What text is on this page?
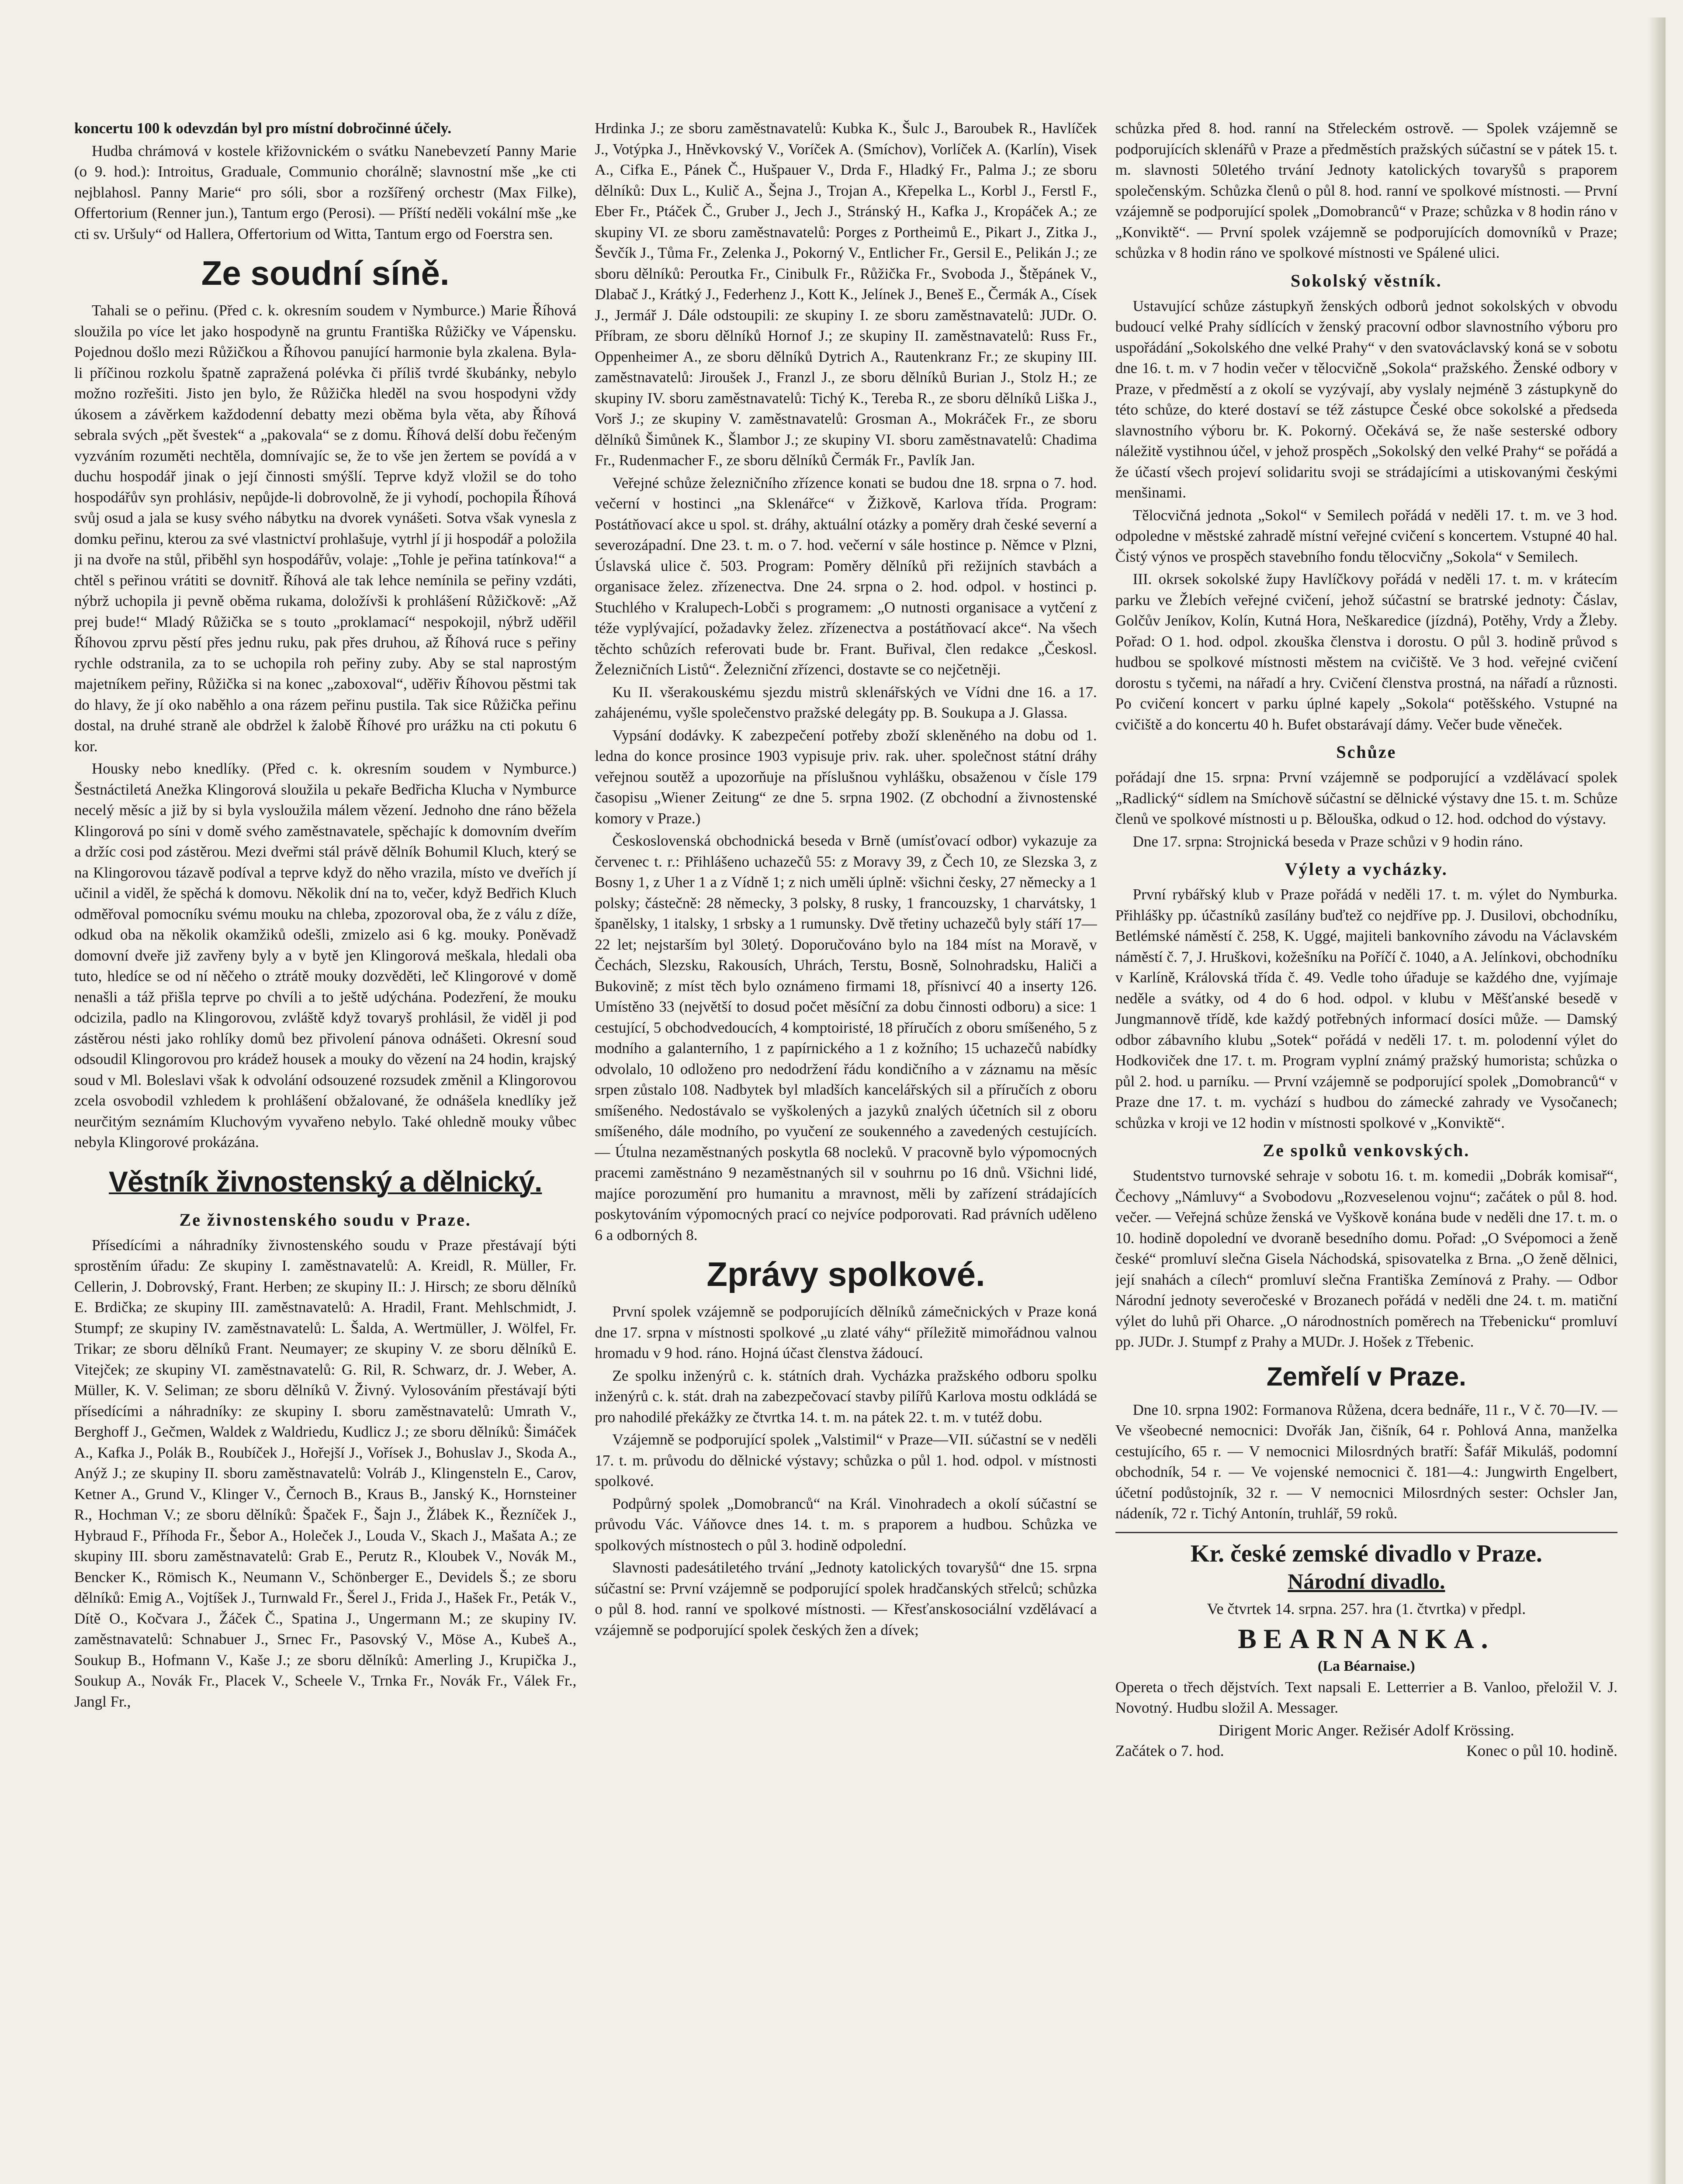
koncertu 100 k odevzdán byl pro místní dobročinné účely.

Hudba chrámová v kostele křižovnickém o svátku Nanebevzetí Panny Marie (o 9. hod.): Introitus, Graduale, Communio chorálně; slavnostní mše „ke cti nejblahosl. Panny Marie“ pro sóli, sbor a rozšířený orchestr (Max Filke), Offertorium (Renner jun.), Tantum ergo (Perosi). — Příští neděli vokální mše „ke cti sv. Uršuly“ od Hallera, Offertorium od Witta, Tantum ergo od Foerstra sen.

Ze soudní síně.

Tahali se o peřinu. (Před c. k. okresním soudem v Nymburce.) Marie Říhová sloužila po více let jako hospodyně na gruntu Františka Růžičky ve Vápensku. Pojednou došlo mezi Růžičkou a Říhovou panující harmonie byla zkalena. Byla-li příčinou rozkolu špatně zapražená polévka či příliš tvrdé škubánky, nebylo možno rozřešiti. Jisto jen bylo, že Růžička hleděl na svou hospodyni vždy úkosem a závěrkem každodenní debatty mezi oběma byla věta, aby Říhová sebrala svých „pět švestek“ a „pakovala“ se z domu. Říhová delší dobu řečeným vyzváním rozuměti nechtěla, domnívajíc se, že to vše jen žertem se povídá a v duchu hospodář jinak o její činnosti smýšlí. Teprve když vložil se do toho hospodářův syn prohlásiv, nepůjde-li dobrovolně, že ji vyhodí, pochopila Říhová svůj osud a jala se kusy svého nábytku na dvorek vynášeti. Sotva však vynesla z domku peřinu, kterou za své vlastnictví prohlašuje, vytrhl jí ji hospodář a položila ji na dvoře na stůl, přiběhl syn hospodářův, volaje: „Tohle je peřina tatínkova!“ a chtěl s peřinou vrátiti se dovnitř. Říhová ale tak lehce nemínila se peřiny vzdáti, nýbrž uchopila ji pevně oběma rukama, doložívši k prohlášení Růžičkově: „Až prej bude!“ Mladý Růžička se s touto „proklamací“ nespokojil, nýbrž uděřil Říhovou zprvu pěstí přes jednu ruku, pak přes druhou, až Říhová ruce s peřiny rychle odstranila, za to se uchopila roh peřiny zuby. Aby se stal naprostým majetníkem peřiny, Růžička si na konec „zaboxoval“, uděřiv Říhovou pěstmi tak do hlavy, že jí oko naběhlo a ona rázem peřinu pustila. Tak sice Růžička peřinu dostal, na druhé straně ale obdržel k žalobě Říhové pro urážku na cti pokutu 6 kor.

Housky nebo knedlíky. (Před c. k. okresním soudem v Nymburce.) Šestnáctiletá Anežka Klingorová sloužila u pekaře Bedřicha Klucha v Nymburce necelý měsíc a již by si byla vysloužila málem vězení. Jednoho dne ráno běžela Klingorová po síni v domě svého zaměstnavatele, spěchajíc k domovním dveřím a držíc cosi pod zástěrou. Mezi dveřmi stál právě dělník Bohumil Kluch, který se na Klingorovou tázavě podíval a teprve když do něho vrazila, místo ve dveřích jí učinil a viděl, že spěchá k domovu. Několik dní na to, večer, když Bedřich Kluch odměřoval pomocníku svému mouku na chleba, zpozoroval oba, že z válu z díže, odkud oba na několik okamžiků odešli, zmizelo asi 6 kg. mouky. Poněvadž domovní dveře již zavřeny byly a v bytě jen Klingorová meškala, hledali oba tuto, hledíce se od ní něčeho o ztrátě mouky dozvěděti, leč Klingorové v domě nenašli a táž přišla teprve po chvíli a to ještě udýchána. Podezření, že mouku odcizila, padlo na Klingorovou, zvláště když tovaryš prohlásil, že viděl ji pod zástěrou nésti jako rohlíky domů bez přivolení pánova odnášeti. Okresní soud odsoudil Klingorovou pro krádež housek a mouky do vězení na 24 hodin, krajský soud v Ml. Boleslavi však k odvolání odsouzené rozsudek změnil a Klingorovou zcela osvobodil vzhledem k prohlášení obžalované, že odnášela knedlíky jež neurčitým seznámím Kluchovým vyvařeno nebylo. Také ohledně mouky vůbec nebyla Klingorové prokázána.

Věstník živnostenský a dělnický.
Ze živnostenského soudu v Praze.

Přísedícími a náhradníky živnostenského soudu v Praze přestávají býti sprostěním úřadu: Ze skupiny I. zaměstnavatelů: A. Kreidl, R. Müller, Fr. Cellerin, J. Dobrovský, Frant. Herben; ze skupiny II.: J. Hirsch; ze sboru dělníků E. Brdička; ze skupiny III. zaměstnavatelů: A. Hradil, Frant. Mehlschmidt, J. Stumpf; ze skupiny IV. zaměstnavatelů: L. Šalda, A. Wertmüller, J. Wölfel, Fr. Trikar; ze sboru dělníků Frant. Neumayer; ze skupiny V. ze sboru dělníků E. Vitejček; ze skupiny VI. zaměstnavatelů: G. Ril, R. Schwarz, dr. J. Weber, A. Müller, K. V. Seliman; ze sboru dělníků V. Živný. Vylosováním přestávají býti přísedícími a náhradníky: ze skupiny I. sboru zaměstnavatelů: Umrath V., Berghoff J., Gečmen, Waldek z Waldriedu, Kudlicz J.; ze sboru dělníků: Šimáček A., Kafka J., Polák B., Roubíček J., Hořejší J., Vořísek J., Bohuslav J., Skoda A., Anýž J.; ze skupiny II. sboru zaměstnavatelů: Volráb J., Klingensteln E., Carov, Ketner A., Grund V., Klinger V., Černoch B., Kraus B., Janský K., Hornsteiner R., Hochman V.; ze sboru dělníků: Špaček F., Šajn J., Žlábek K., Řezníček J., Hybraud F., Příhoda Fr., Šebor A., Holeček J., Louda V., Skach J., Mašata A.; ze skupiny III. sboru zaměstnavatelů: Grab E., Perutz R., Kloubek V., Novák M., Bencker K., Römisch K., Neumann V., Schönberger E., Devidels Š.; ze sboru dělníků: Emig A., Vojtíšek J., Turnwald Fr., Šerel J., Frida J., Hašek Fr., Peták V., Dítě O., Kočvara J., Žáček Č., Spatina J., Ungermann M.; ze skupiny IV. zaměstnavatelů: Schnabuer J., Srnec Fr., Pasovský V., Möse A., Kubeš A., Soukup B., Hofmann V., Kaše J.; ze sboru dělníků: Amerling J., Krupička J., Soukup A., Novák Fr., Placek V., Scheele V., Trnka Fr., Novák Fr., Válek Fr., Jangl Fr.,

Hrdinka J.; ze sboru zaměstnavatelů: Kubka K., Šulc J., Baroubek R., Havlíček J., Votýpka J., Hněvkovský V., Voríček A. (Smíchov), Vorlíček A. (Karlín), Visek A., Cifka E., Pánek Č., Hušpauer V., Drda F., Hladký Fr., Palma J.; ze sboru dělníků: Dux L., Kulič A., Šejna J., Trojan A., Křepelka L., Korbl J., Ferstl F., Eber Fr., Ptáček Č., Gruber J., Jech J., Stránský H., Kafka J., Kropáček A.; ze skupiny VI. ze sboru zaměstnavatelů: Porges z Portheimů E., Pikart J., Zitka J., Ševčík J., Tůma Fr., Zelenka J., Pokorný V., Entlicher Fr., Gersil E., Pelikán J.; ze sboru dělníků: Peroutka Fr., Cinibulk Fr., Růžička Fr., Svoboda J., Štěpánek V., Dlabač J., Krátký J., Federhenz J., Kott K., Jelínek J., Beneš E., Čermák A., Císek J., Jermář J. Dále odstoupili: ze skupiny I. ze sboru zaměstnavatelů: JUDr. O. Příbram, ze sboru dělníků Hornof J.; ze skupiny II. zaměstnavatelů: Russ Fr., Oppenheimer A., ze sboru dělníků Dytrich A., Rautenkranz Fr.; ze skupiny III. zaměstnavatelů: Jiroušek J., Franzl J., ze sboru dělníků Burian J., Stolz H.; ze skupiny IV. sboru zaměstnavatelů: Tichý K., Tereba R., ze sboru dělníků Liška J., Vorš J.; ze skupiny V. zaměstnavatelů: Grosman A., Mokráček Fr., ze sboru dělníků Šimůnek K., Šlambor J.; ze skupiny VI. sboru zaměstnavatelů: Chadima Fr., Rudenmacher F., ze sboru dělníků Čermák Fr., Pavlík Jan.

Veřejné schůze železničního zřízence konati se budou dne 18. srpna o 7. hod. večerní v hostinci „na Sklenářce“ v Žižkově, Karlova třída. Program: Postátňovací akce u spol. st. dráhy, aktuální otázky a poměry drah české severní a severozápadní. Dne 23. t. m. o 7. hod. večerní v sále hostince p. Němce v Plzni, Úslavská ulice č. 503. Program: Poměry dělníků při režijních stavbách a organisace želez. zřízenectva. Dne 24. srpna o 2. hod. odpol. v hostinci p. Stuchlého v Kralupech-Lobči s programem: „O nutnosti organisace a vytčení z téže vyplývající, požadavky želez. zřízenectva a postátňovací akce“. Na všech těchto schůzích referovati bude br. Frant. Buřival, člen redakce „Českosl. Železničních Listů“. Železniční zřízenci, dostavte se co nejčetněji.

Ku II. všerakouskému sjezdu mistrů sklenářských ve Vídni dne 16. a 17. zahájenému, vyšle společenstvo pražské delegáty pp. B. Soukupa a J. Glassa.

Vypsání dodávky. K zabezpečení potřeby zboží skleněného na dobu od 1. ledna do konce prosince 1903 vypisuje priv. rak. uher. společnost státní dráhy veřejnou soutěž a upozorňuje na příslušnou vyhlášku, obsaženou v čísle 179 časopisu „Wiener Zeitung“ ze dne 5. srpna 1902. (Z obchodní a živnostenské komory v Praze.)

Československá obchodnická beseda v Brně (umísťovací odbor) vykazuje za červenec t. r.: Přihlášeno uchazečů 55: z Moravy 39, z Čech 10, ze Slezska 3, z Bosny 1, z Uher 1 a z Vídně 1; z nich uměli úplně: všichni česky, 27 německy a 1 polsky; částečně: 28 německy, 3 polsky, 8 rusky, 1 francouzsky, 1 charvátsky, 1 španělsky, 1 italsky, 1 srbsky a 1 rumunsky. Dvě třetiny uchazečů byly stáří 17—22 let; nejstarším byl 30letý. Doporučováno bylo na 184 míst na Moravě, v Čechách, Slezsku, Rakousích, Uhrách, Terstu, Bosně, Solnohradsku, Haliči a Bukovině; z míst těch bylo oznámeno firmami 18, přísnivcí 40 a inserty 126. Umístěno 33 (největší to dosud počet měsíční za dobu činnosti odboru) a sice: 1 cestující, 5 obchodvedoucích, 4 komptoiristé, 18 příručích z oboru smíšeného, 5 z modního a galanterního, 1 z papírnického a 1 z kožního; 15 uchazečů nabídky odvolalo, 10 odloženo pro nedodržení řádu kondičního a v záznamu na měsíc srpen zůstalo 108. Nadbytek byl mladších kancelářských sil a příručích z oboru smíšeného. Nedostávalo se vyškolených a jazyků znalých účetních sil z oboru smíšeného, dále modního, po vyučení ze soukenného a zavedených cestujících. — Útulna nezaměstnaných poskytla 68 nocleků. V pracovně bylo výpomocných pracemi zaměstnáno 9 nezaměstnaných sil v souhrnu po 16 dnů. Všichni lidé, majíce porozumění pro humanitu a mravnost, měli by zařízení strádajících poskytováním výpomocných prací co nejvíce podporovati. Rad právních uděleno 6 a odborných 8.

Zprávy spolkové.

První spolek vzájemně se podporujících dělníků zámečnických v Praze koná dne 17. srpna v místnosti spolkové „u zlaté váhy“ příležitě mimořádnou valnou hromadu v 9 hod. ráno. Hojná účast členstva žádoucí.

Ze spolku inženýrů c. k. státních drah. Vycházka pražského odboru spolku inženýrů c. k. stát. drah na zabezpečovací stavby pilířů Karlova mostu odkládá se pro nahodilé překážky ze čtvrtka 14. t. m. na pátek 22. t. m. v tutéž dobu.

Vzájemně se podporující spolek „Valstimil“ v Praze—VII. súčastní se v neděli 17. t. m. průvodu do dělnické výstavy; schůzka o půl 1. hod. odpol. v místnosti spolkové.

Podpůrný spolek „Domobranců“ na Král. Vinohradech a okolí súčastní se průvodu Vác. Váňovce dnes 14. t. m. s praporem a hudbou. Schůzka ve spolkových místnostech o půl 3. hodině odpolední.

Slavnosti padesátiletého trvání „Jednoty katolických tovaryšů“ dne 15. srpna súčastní se: První vzájemně se podporující spolek hradčanských střelců; schůzka o půl 8. hod. ranní ve spolkové místnosti. — Křesťanskosociální vzdělávací a vzájemně se podporující spolek českých žen a dívek;

schůzka před 8. hod. ranní na Střeleckém ostrově. — Spolek vzájemně se podporujících sklenářů v Praze a předměstích pražských súčastní se v pátek 15. t. m. slavnosti 50letého trvání Jednoty katolických tovaryšů s praporem společenským. Schůzka členů o půl 8. hod. ranní ve spolkové místnosti. — První vzájemně se podporující spolek „Domobranců“ v Praze; schůzka v 8 hodin ráno v „Konviktě“. — První spolek vzájemně se podporujících domovníků v Praze; schůzka v 8 hodin ráno ve spolkové místnosti ve Spálené ulici.

Sokolský věstník.

Ustavující schůze zástupkyň ženských odborů jednot sokolských v obvodu budoucí velké Prahy sídlících v ženský pracovní odbor slavnostního výboru pro uspořádání „Sokolského dne velké Prahy“ v den svatováclavský koná se v sobotu dne 16. t. m. v 7 hodin večer v tělocvičně „Sokola“ pražského. Ženské odbory v Praze, v předměstí a z okolí se vyzývají, aby vyslaly nejméně 3 zástupkyně do této schůze, do které dostaví se též zástupce České obce sokolské a předseda slavnostního výboru br. K. Pokorný. Očekává se, že naše sesterské odbory náležitě vystihnou účel, v jehož prospěch „Sokolský den velké Prahy“ se pořádá a že účastí všech projeví solidaritu svoji se strádajícími a utiskovanými českými menšinami.

Tělocvičná jednota „Sokol“ v Semilech pořádá v neděli 17. t. m. ve 3 hod. odpoledne v městské zahradě místní veřejné cvičení s koncertem. Vstupné 40 hal. Čistý výnos ve prospěch stavebního fondu tělocvičny „Sokola“ v Semilech.

III. okrsek sokolské župy Havlíčkovy pořádá v neděli 17. t. m. v krátecím parku ve Žlebích veřejné cvičení, jehož súčastní se bratrské jednoty: Čáslav, Golčův Jeníkov, Kolín, Kutná Hora, Neškaredice (jízdná), Potěhy, Vrdy a Žleby. Pořad: O 1. hod. odpol. zkouška členstva i dorostu. O půl 3. hodině průvod s hudbou se spolkové místnosti městem na cvičiště. Ve 3 hod. veřejné cvičení dorostu s tyčemi, na nářadí a hry. Cvičení členstva prostná, na nářadí a různosti. Po cvičení koncert v parku úplné kapely „Sokola“ potěšského. Vstupné na cvičiště a do koncertu 40 h. Bufet obstarávají dámy. Večer bude věneček.

Schůze

pořádají dne 15. srpna: První vzájemně se podporující a vzdělávací spolek „Radlický“ sídlem na Smíchově súčastní se dělnické výstavy dne 15. t. m. Schůze členů ve spolkové místnosti u p. Bělouška, odkud o 12. hod. odchod do výstavy.

Dne 17. srpna: Strojnická beseda v Praze schůzi v 9 hodin ráno.

Výlety a vycházky.

První rybářský klub v Praze pořádá v neděli 17. t. m. výlet do Nymburka. Přihlášky pp. účastníků zasílány buďtež co nejdříve pp. J. Dusilovi, obchodníku, Betlémské náměstí č. 258, K. Uggé, majiteli bankovního závodu na Václavském náměstí č. 7, J. Hruškovi, kožešníku na Poříčí č. 1040, a A. Jelínkovi, obchodníku v Karlíně, Královská třída č. 49. Vedle toho úřaduje se každého dne, vyjímaje neděle a svátky, od 4 do 6 hod. odpol. v klubu v Měšťanské besedě v Jungmannově třídě, kde každý potřebných informací dosíci může. — Damský odbor zábavního klubu „Sotek“ pořádá v neděli 17. t. m. polodenní výlet do Hodkoviček dne 17. t. m. Program vyplní známý pražský humorista; schůzka o půl 2. hod. u parníku. — První vzájemně se podporující spolek „Domobranců“ v Praze dne 17. t. m. vychází s hudbou do zámecké zahrady ve Vysočanech; schůzka v kroji ve 12 hodin v místnosti spolkové v „Konviktě“.

Ze spolků venkovských.

Studentstvo turnovské sehraje v sobotu 16. t. m. komedii „Dobrák komisař“, Čechovy „Námluvy“ a Svobodovu „Rozveselenou vojnu“; začátek o půl 8. hod. večer. — Veřejná schůze ženská ve Vyškově konána bude v neděli dne 17. t. m. o 10. hodině dopolední ve dvoraně besedního domu. Pořad: „O Svépomoci a ženě české“ promluví slečna Gisela Náchodská, spisovatelka z Brna. „O ženě dělnici, její snahách a cílech“ promluví slečna Františka Zemínová z Prahy. — Odbor Národní jednoty severočeské v Brozanech pořádá v neděli dne 24. t. m. matiční výlet do luhů při Oharce. „O národnostních poměrech na Třebenicku“ promluví pp. JUDr. J. Stumpf z Prahy a MUDr. J. Hošek z Třebenic.

Zemřelí v Praze.

Dne 10. srpna 1902: Formanova Růžena, dcera bednáře, 11 r., V č. 70—IV. — Ve všeobecné nemocnici: Dvořák Jan, čišník, 64 r. Pohlová Anna, manželka cestujícího, 65 r. — V nemocnici Milosrdných bratří: Šafář Mikuláš, podomní obchodník, 54 r. — Ve vojenské nemocnici č. 181—4.: Jungwirth Engelbert, účetní podůstojník, 32 r. — V nemocnici Milosrdných sester: Ochsler Jan, nádeník, 72 r. Tichý Antonín, truhlář, 59 roků.

Kr. české zemské divadlo v Praze.
Národní divadlo.
Ve čtvrtek 14. srpna. 257. hra (1. čtvrtka) v předpl.
BEARNANKA.
(La Béarnaise.)

Opereta o třech dějstvích. Text napsali E. Letterrier a B. Vanloo, přeložil V. J. Novotný. Hudbu složil A. Messager.

Dirigent Moric Anger. Režisér Adolf Krössing.
Začátek o 7. hod.	Konec o půl 10. hodině.
